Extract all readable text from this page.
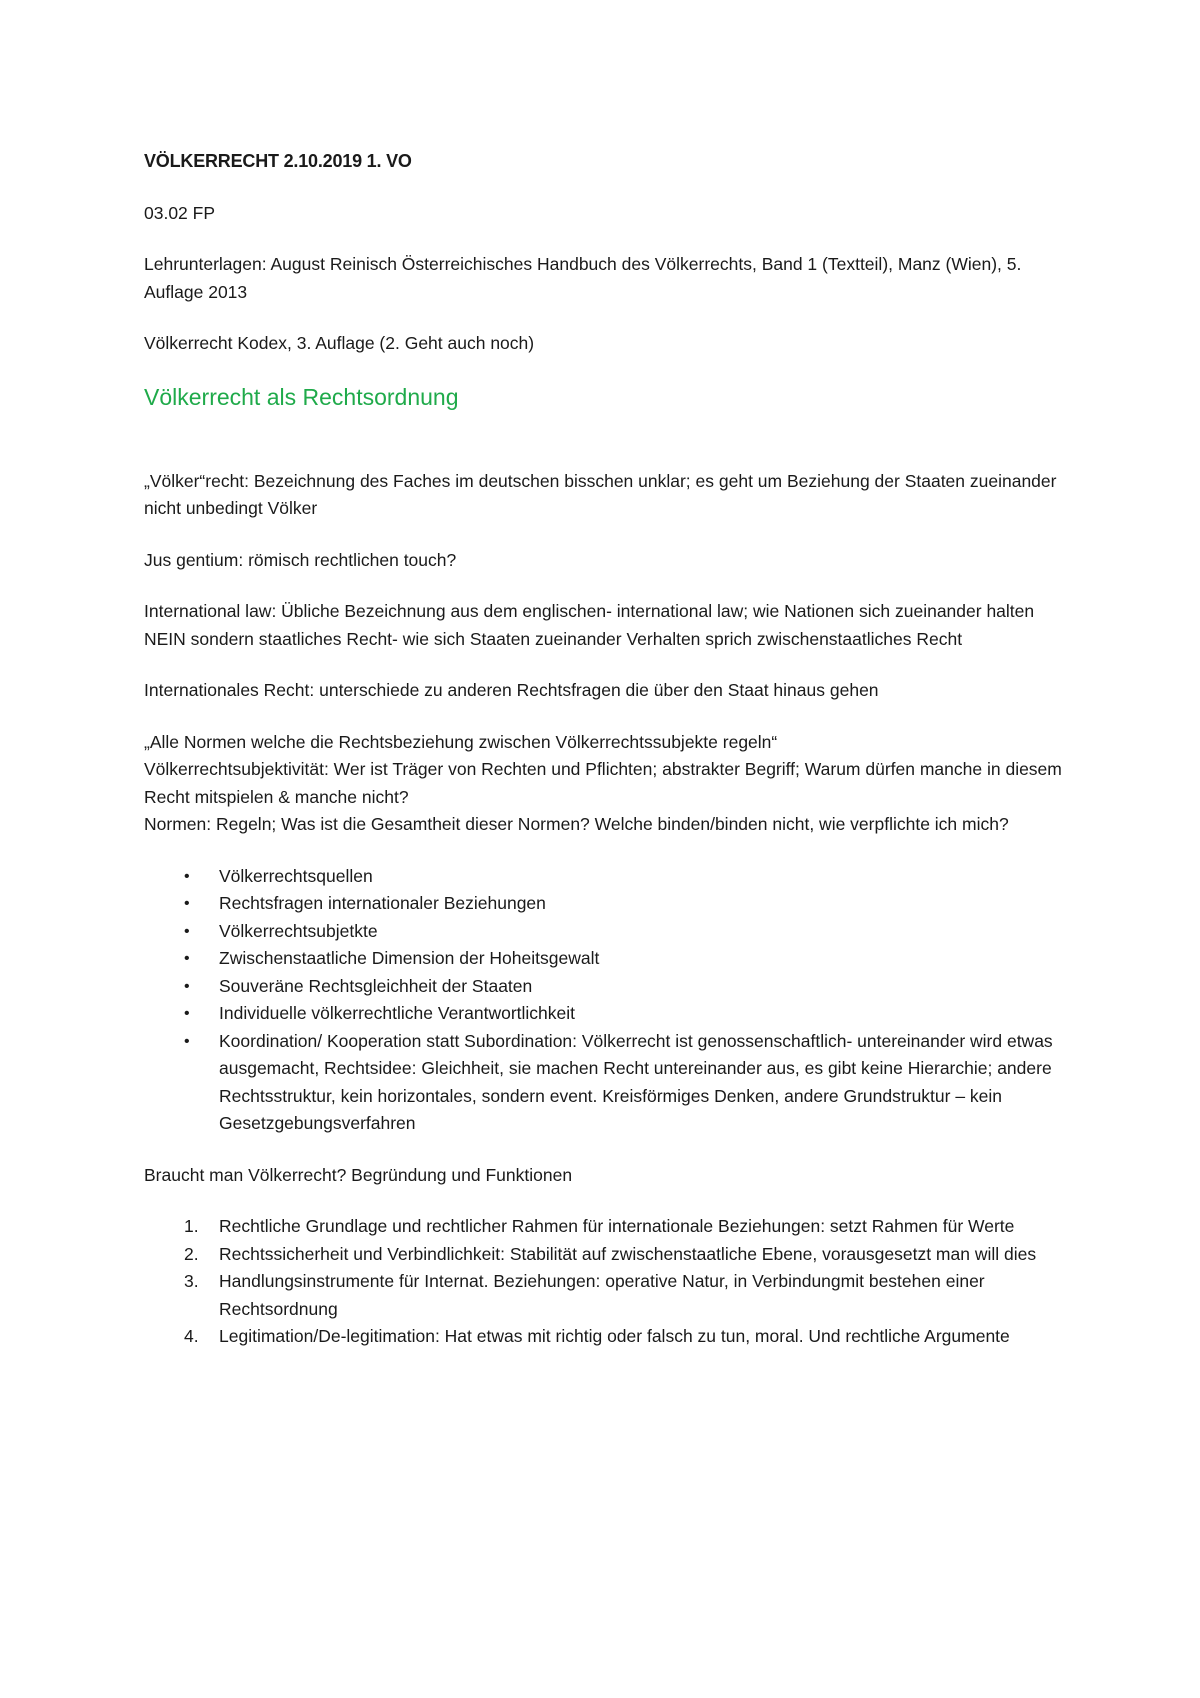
VÖLKERRECHT 2.10.2019 1. VO

03.02 FP

Lehrunterlagen: August Reinisch Österreichisches Handbuch des Völkerrechts, Band 1 (Textteil), Manz (Wien), 5. Auflage 2013

Völkerrecht Kodex, 3. Auflage (2. Geht auch noch)

Völkerrecht als Rechtsordnung

„Völker“recht: Bezeichnung des Faches im deutschen bisschen unklar; es geht um Beziehung der Staaten zueinander nicht unbedingt Völker

Jus gentium: römisch rechtlichen touch?

International law: Übliche Bezeichnung aus dem englischen- international law; wie Nationen sich zueinander halten NEIN sondern staatliches Recht- wie sich Staaten zueinander Verhalten sprich zwischenstaatliches Recht

Internationales Recht: unterschiede zu anderen Rechtsfragen die über den Staat hinaus gehen

„Alle Normen welche die Rechtsbeziehung zwischen Völkerrechtssubjekte regeln“
Völkerrechtsubjektivität: Wer ist Träger von Rechten und Pflichten; abstrakter Begriff; Warum dürfen manche in diesem Recht mitspielen & manche nicht?
Normen: Regeln; Was ist die Gesamtheit dieser Normen? Welche binden/binden nicht, wie verpflichte ich mich?
• Völkerrechtsquellen
• Rechtsfragen internationaler Beziehungen
• Völkerrechtsubjetkte
• Zwischenstaatliche Dimension der Hoheitsgewalt
• Souveräne Rechtsgleichheit der Staaten
• Individuelle völkerrechtliche Verantwortlichkeit
• Koordination/ Kooperation statt Subordination: Völkerrecht ist genossenschaftlich- untereinander wird etwas ausgemacht, Rechtsidee: Gleichheit, sie machen Recht untereinander aus, es gibt keine Hierarchie; andere Rechtsstruktur, kein horizontales, sondern event. Kreisförmiges Denken, andere Grundstruktur – kein Gesetzgebungsverfahren

Braucht man Völkerrecht? Begründung und Funktionen

1. Rechtliche Grundlage und rechtlicher Rahmen für internationale Beziehungen: setzt Rahmen für Werte
2. Rechtssicherheit und Verbindlichkeit: Stabilität auf zwischenstaatliche Ebene, vorausgesetzt man will dies
3. Handlungsinstrumente für Internat. Beziehungen: operative Natur, in Verbindungmit bestehen einer Rechtsordnung
4. Legitimation/De-legitimation: Hat etwas mit richtig oder falsch zu tun, moral. Und rechtliche Argumente
